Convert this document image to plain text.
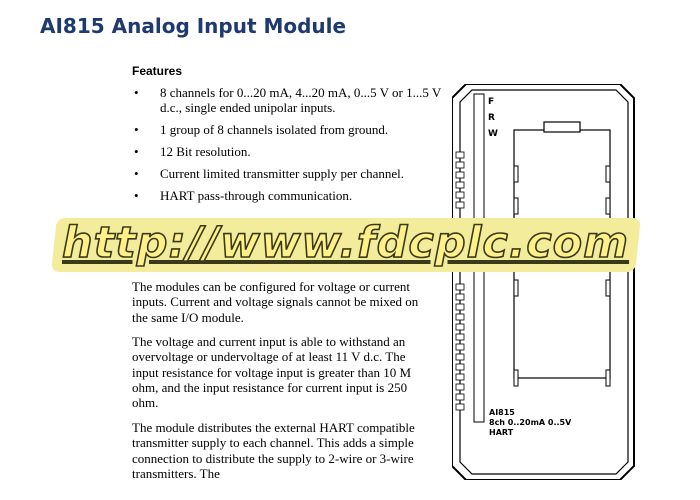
AI815 Analog Input Module
Features
• 8 channels for 0...20 mA, 4...20 mA, 0...5 V or 1...5 V d.c., single ended unipolar inputs.
• 1 group of 8 channels isolated from ground.
• 12 Bit resolution.
• Current limited transmitter supply per channel.
• HART pass-through communication.

The modules can be configured for voltage or current inputs. Current and voltage signals cannot be mixed on the same I/O module.

The voltage and current input is able to withstand an overvoltage or undervoltage of at least 11 V d.c. The input resistance for voltage input is greater than 10 M ohm, and the input resistance for current input is 250 ohm.

The module distributes the external HART compatible transmitter supply to each channel. This adds a simple connection to distribute the supply to 2-wire or 3-wire transmitters. The

F
R
W
AI815
8ch 0..20mA 0..5V
HART
http://www.fdcplc.com
